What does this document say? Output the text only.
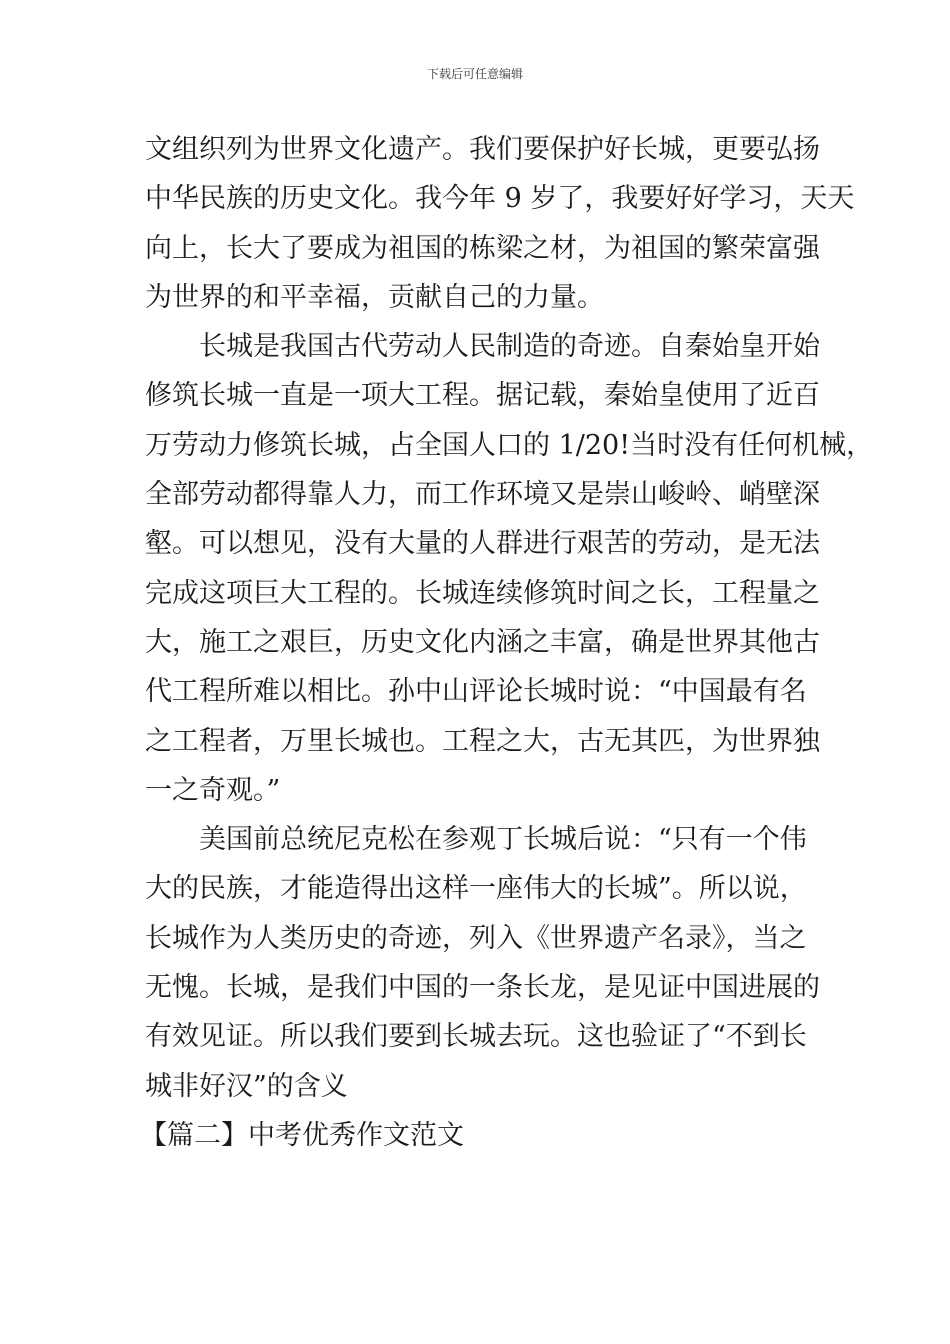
下载后可任意编辑

文组织列为世界文化遗产。我们要保护好长城，更要弘扬

中华民族的历史文化。我今年 9 岁了，我要好好学习，天天

向上，长大了要成为祖国的栋梁之材，为祖国的繁荣富强

为世界的和平幸福，贡献自己的力量。

长城是我国古代劳动人民制造的奇迹。自秦始皇开始

修筑长城一直是一项大工程。据记载，秦始皇使用了近百

万劳动力修筑长城，占全国人口的 1/20!当时没有任何机械，

全部劳动都得靠人力，而工作环境又是崇山峻岭、峭壁深

壑。可以想见，没有大量的人群进行艰苦的劳动，是无法

完成这项巨大工程的。长城连续修筑时间之长，工程量之

大，施工之艰巨，历史文化内涵之丰富，确是世界其他古

代工程所难以相比。孙中山评论长城时说：“中国最有名

之工程者，万里长城也。工程之大，古无其匹，为世界独

一之奇观。”

美国前总统尼克松在参观丁长城后说：“只有一个伟

大的民族，才能造得出这样一座伟大的长城”。所以说，

长城作为人类历史的奇迹，列入《世界遗产名录》，当之

无愧。长城，是我们中国的一条长龙，是见证中国进展的

有效见证。所以我们要到长城去玩。这也验证了“不到长

城非好汉”的含义

【篇二】中考优秀作文范文
